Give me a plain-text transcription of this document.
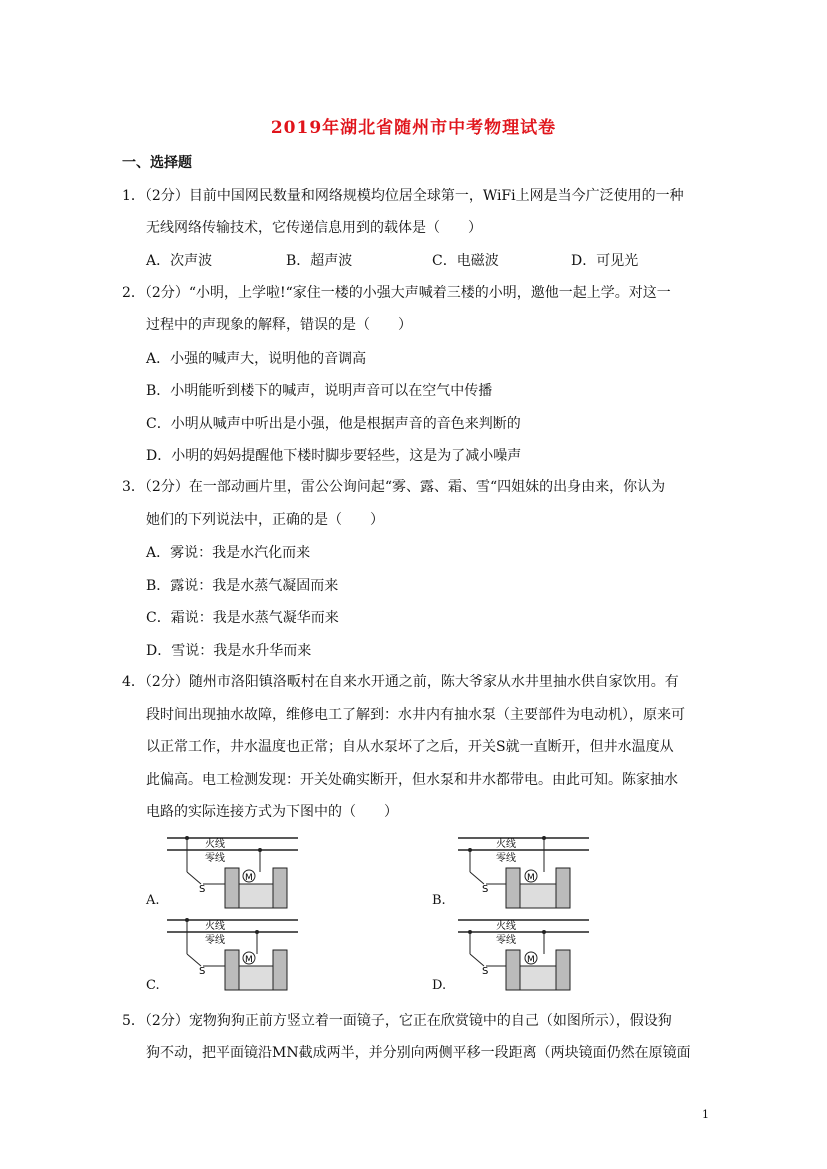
2019年湖北省随州市中考物理试卷
一、选择题
1．（2分）目前中国网民数量和网络规模均位居全球第一，WiFi上网是当今广泛使用的一种
无线网络传输技术，它传递信息用到的载体是（　　）
A．次声波	B．超声波	C．电磁波	D．可见光
2．（2分）“小明，上学啦!“家住一楼的小强大声喊着三楼的小明，邀他一起上学。对这一
过程中的声现象的解释，错误的是（　　）
A．小强的喊声大，说明他的音调高
B．小明能听到楼下的喊声，说明声音可以在空气中传播
C．小明从喊声中听出是小强，他是根据声音的音色来判断的
D．小明的妈妈提醒他下楼时脚步要轻些，这是为了减小噪声
3．（2分）在一部动画片里，雷公公询问起“雾、露、霜、雪“四姐妹的出身由来，你认为
她们的下列说法中，正确的是（　　）
A．雾说：我是水汽化而来
B．露说：我是水蒸气凝固而来
C．霜说：我是水蒸气凝华而来
D．雪说：我是水升华而来
4．（2分）随州市洛阳镇洛畈村在自来水开通之前，陈大爷家从水井里抽水供自家饮用。有
段时间出现抽水故障，维修电工了解到：水井内有抽水泵（主要部件为电动机），原来可
以正常工作，井水温度也正常；自从水泵坏了之后，开关S就一直断开，但井水温度从
此偏高。电工检测发现：开关处确实断开，但水泵和井水都带电。由此可知。陈家抽水
电路的实际连接方式为下图中的（　　）
火线
零线
S
M
A.
火线
零线
S
M
B.
火线
零线
S
M
C.
火线
零线
S
M
D.
5．（2分）宠物狗狗正前方竖立着一面镜子，它正在欣赏镜中的自己（如图所示），假设狗
狗不动，把平面镜沿MN截成两半，并分别向两侧平移一段距离（两块镜面仍然在原镜面
1
